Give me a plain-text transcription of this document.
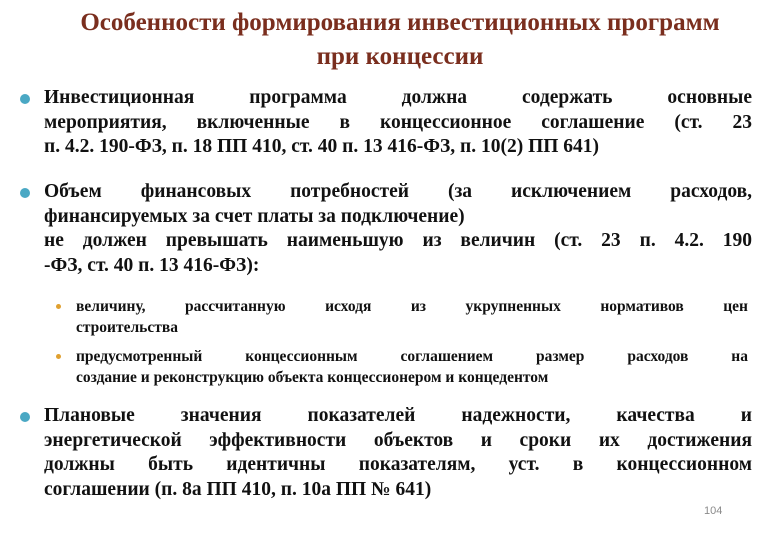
Особенности формирования инвестиционных программ
при концессии
Инвестиционная программа должна содержать основные
мероприятия, включенные в концессионное соглашение (ст. 23
п. 4.2. 190-ФЗ, п. 18 ПП 410, ст. 40 п. 13 416-ФЗ, п. 10(2) ПП 641)
Объем финансовых потребностей (за исключением расходов,
финансируемых за счет платы за подключение)
не должен превышать наименьшую из величин (ст. 23 п. 4.2. 190
-ФЗ, ст. 40 п. 13 416-ФЗ):
величину, рассчитанную исходя из укрупненных нормативов цен
строительства
предусмотренный концессионным соглашением размер расходов на
создание и реконструкцию объекта концессионером и концедентом
Плановые значения показателей надежности, качества и
энергетической эффективности объектов и сроки их достижения
должны быть идентичны показателям, уст. в концессионном
соглашении (п. 8а ПП 410, п. 10а ПП № 641)
104
